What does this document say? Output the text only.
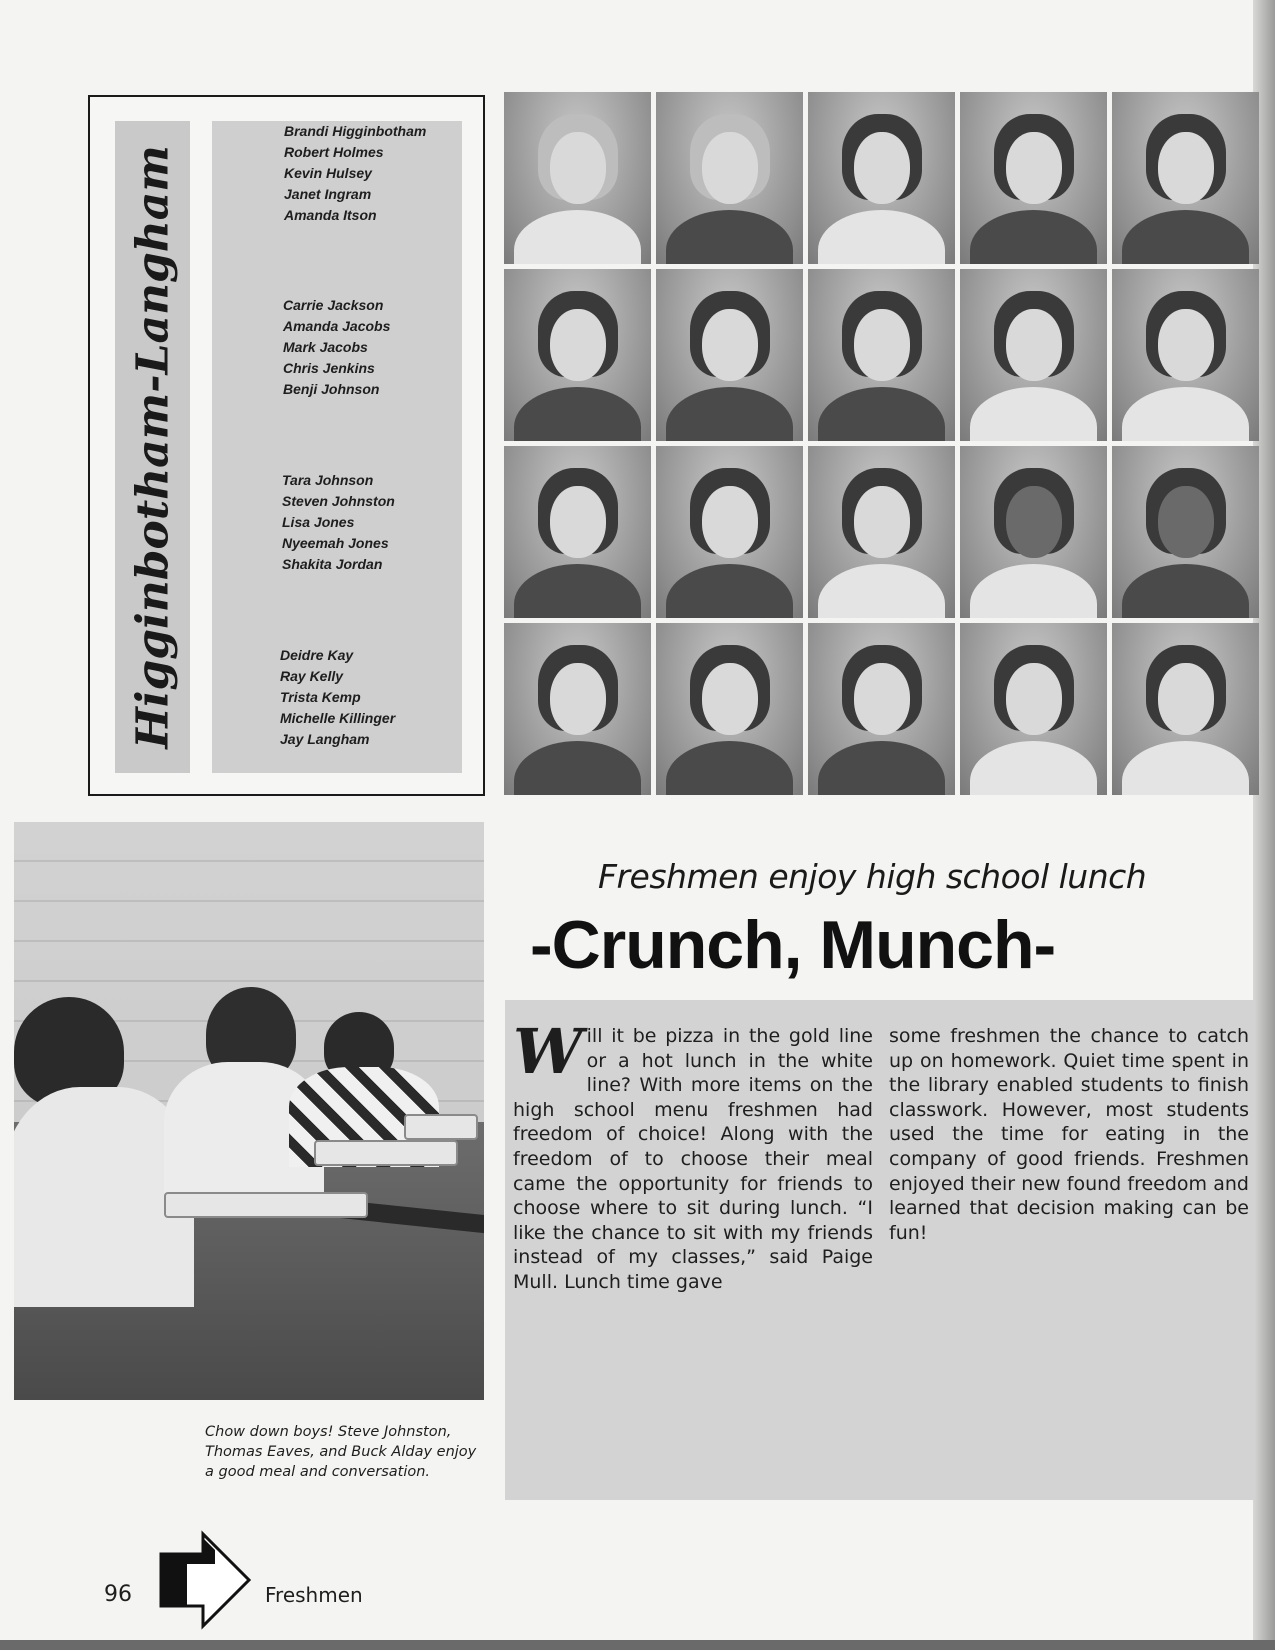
Higginbotham-Langham
Brandi Higginbotham
Robert Holmes
Kevin Hulsey
Janet Ingram
Amanda Itson
Carrie Jackson
Amanda Jacobs
Mark Jacobs
Chris Jenkins
Benji Johnson
Tara Johnson
Steven Johnston
Lisa Jones
Nyeemah Jones
Shakita Jordan
Deidre Kay
Ray Kelly
Trista Kemp
Michelle Killinger
Jay Langham

Chow down boys! Steve Johnston, Thomas Eaves, and Buck Alday enjoy a good meal and conversation.

Freshmen enjoy high school lunch
-Crunch, Munch-

Will it be pizza in the gold line or a hot lunch in the white line? With more items on the high school menu freshmen had freedom of choice! Along with the freedom of to choose their meal came the opportunity for friends to choose where to sit during lunch. “I like the chance to sit with my friends instead of my classes,” said Paige Mull. Lunch time gave

some freshmen the chance to catch up on homework. Quiet time spent in the library enabled students to finish classwork. However, most students used the time for eating in the company of good friends. Freshmen enjoyed their new found freedom and learned that decision making can be fun!

96	Freshmen
